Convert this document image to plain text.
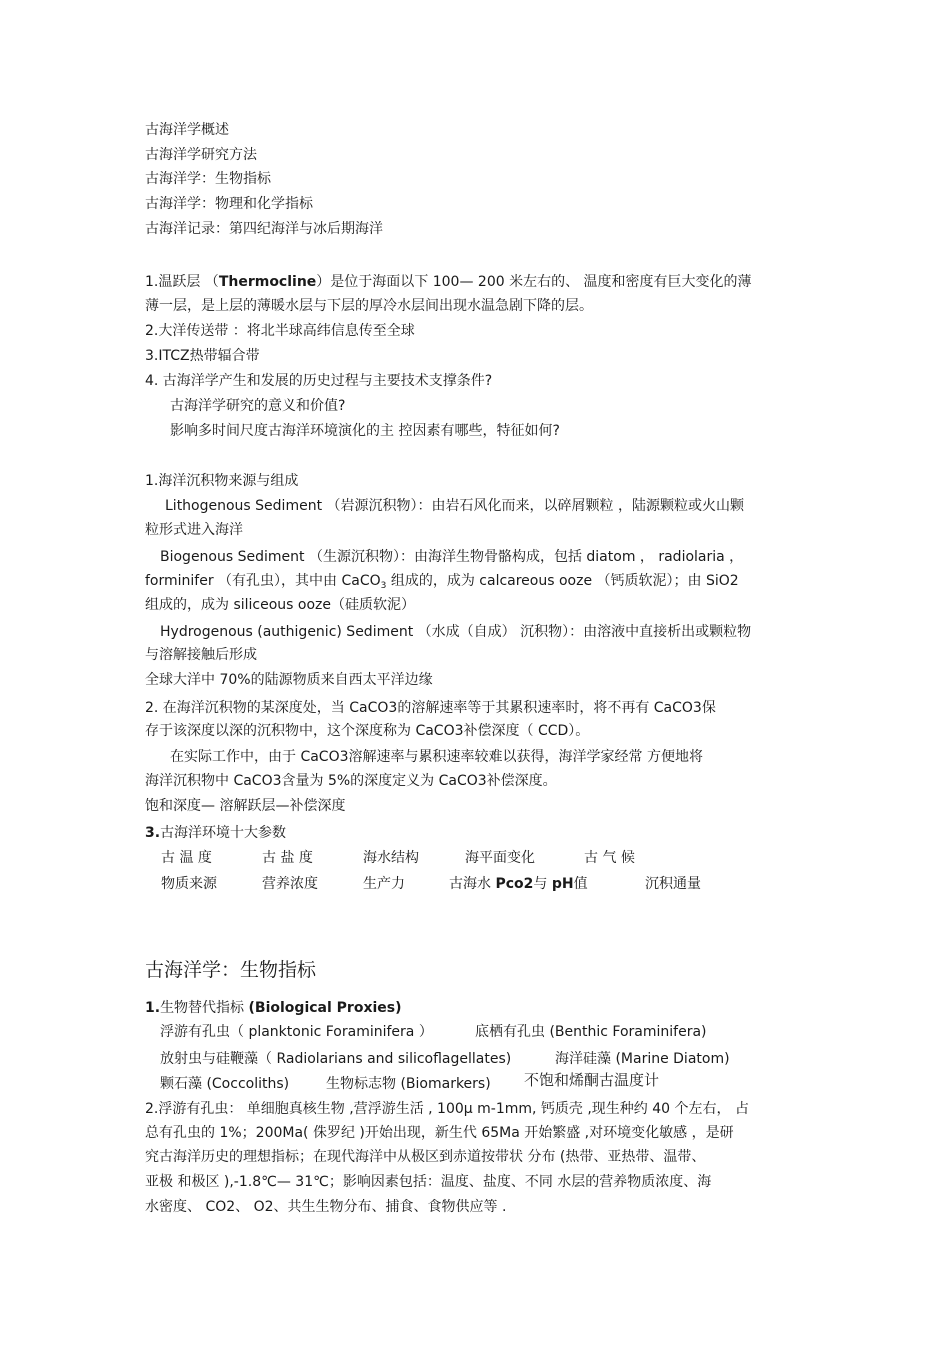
古海洋学概述
古海洋学研究方法
古海洋学：生物指标
古海洋学：物理和化学指标
古海洋记录：第四纪海洋与冰后期海洋
1.温跃层 （Thermocline）是位于海面以下 100— 200 米左右的、 温度和密度有巨大变化的薄
薄一层，是上层的薄暖水层与下层的厚冷水层间出现水温急剧下降的层。
2.大洋传送带 ：将北半球高纬信息传至全球
3.ITCZ热带辐合带
4. 古海洋学产生和发展的历史过程与主要技术支撑条件?
古海洋学研究的意义和价值?
影响多时间尺度古海洋环境演化的主 控因素有哪些，特征如何?
1.海洋沉积物来源与组成
Lithogenous Sediment （岩源沉积物）：由岩石风化而来，以碎屑颗粒 ，陆源颗粒或火山颗
粒形式进入海洋
Biogenous Sediment （生源沉积物）：由海洋生物骨骼构成，包括 diatom ， radiolaria ，
forminifer （有孔虫），其中由 CaCO$_3$ 组成的，成为 calcareous ooze （钙质软泥）；由 SiO2
组成的，成为 siliceous ooze（硅质软泥）
Hydrogenous (authigenic) Sediment （水成（自成） 沉积物）：由溶液中直接析出或颗粒物
与溶解接触后形成
全球大洋中 70%的陆源物质来自西太平洋边缘
2. 在海洋沉积物的某深度处，当 CaCO3的溶解速率等于其累积速率时，将不再有 CaCO3保
存于该深度以深的沉积物中，这个深度称为 CaCO3补偿深度（ CCD）。
在实际工作中，由于 CaCO3溶解速率与累积速率较难以获得，海洋学家经常 方便地将
海洋沉积物中 CaCO3含量为 5%的深度定义为 CaCO3补偿深度。
饱和深度— 溶解跃层—补偿深度
3.古海洋环境十大参数
古 温 度	古 盐 度	海水结构	海平面变化	古 气 候
物质来源	营养浓度	生产力	古海水 Pco2与 pH值	沉积通量
古海洋学：生物指标
1.生物替代指标 (Biological Proxies)
浮游有孔虫（ planktonic Foraminifera ）	底栖有孔虫 (Benthic Foraminifera)
放射虫与硅鞭藻（ Radiolarians and silicoflagellates)	海洋硅藻 (Marine Diatom)
颗石藻 (Coccoliths)	生物标志物 (Biomarkers) 不饱和烯酮古温度计
2.浮游有孔虫： 单细胞真核生物 ,营浮游生活 , 100μ m-1mm, 钙质壳 ,现生种约 40 个左右， 占
总有孔虫的 1%；200Ma( 侏罗纪 )开始出现，新生代 65Ma 开始繁盛 ,对环境变化敏感 ，是研
究古海洋历史的理想指标；在现代海洋中从极区到赤道按带状 分布 (热带、亚热带、温带、
亚极 和极区 ),-1.8℃— 31℃；影响因素包括：温度、盐度、不同 水层的营养物质浓度、海
水密度、 CO2、 O2、共生生物分布、捕食、食物供应等 .
